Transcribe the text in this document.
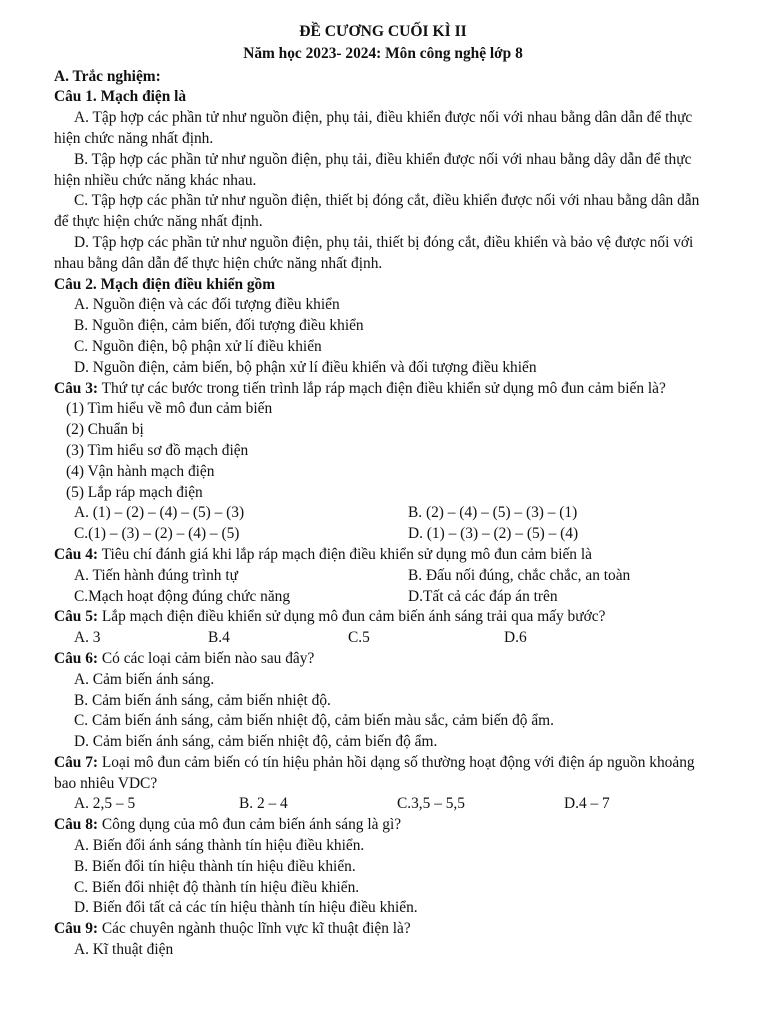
ĐỀ CƯƠNG CUỐI KÌ II
Năm học 2023- 2024: Môn công nghệ lớp 8
A. Trắc nghiệm:
Câu 1. Mạch điện là

A. Tập hợp các phần tử như nguồn điện, phụ tải, điều khiển được nối với nhau bằng dân dẫn để thực hiện chức năng nhất định.

B. Tập hợp các phần tử như nguồn điện, phụ tải, điều khiển được nối với nhau bằng dây dẫn để thực hiện nhiều chức năng khác nhau.

C. Tập hợp các phần tử như nguồn điện, thiết bị đóng cắt, điều khiển được nối với nhau bằng dân dẫn để thực hiện chức năng nhất định.

D. Tập hợp các phần tử như nguồn điện, phụ tải, thiết bị đóng cắt, điều khiển và bảo vệ được nối với nhau bằng dân dẫn để thực hiện chức năng nhất định.

Câu 2. Mạch điện điều khiển gồm
A. Nguồn điện và các đối tượng điều khiển
B. Nguồn điện, cảm biến, đối tượng điều khiển
C. Nguồn điện, bộ phận xử lí điều khiển
D. Nguồn điện, cảm biến, bộ phận xử lí điều khiển và đối tượng điều khiển
Câu 3: Thứ tự các bước trong tiến trình lắp ráp mạch điện điều khiển sử dụng mô đun cảm biến là?
(1) Tìm hiểu về mô đun cảm biến
(2) Chuẩn bị
(3) Tìm hiểu sơ đồ mạch điện
(4) Vận hành mạch điện
(5) Lắp ráp mạch điện
A. (1) – (2) – (4) – (5) – (3)	B. (2) – (4) – (5) – (3) – (1)
C.(1) – (3) – (2) – (4) – (5)	D. (1) – (3) – (2) – (5) – (4)
Câu 4: Tiêu chí đánh giá khi lắp ráp mạch điện điều khiển sử dụng mô đun cảm biến là
A. Tiến hành đúng trình tự	B. Đấu nối đúng, chắc chắc, an toàn
C.Mạch hoạt động đúng chức năng	D.Tất cả các đáp án trên
Câu 5: Lắp mạch điện điều khiển sử dụng mô đun cảm biến ánh sáng trải qua mấy bước?
A. 3	B.4	C.5	D.6
Câu 6: Có các loại cảm biến nào sau đây?
A. Cảm biến ánh sáng.
B. Cảm biến ánh sáng, cảm biến nhiệt độ.
C. Cảm biến ánh sáng, cảm biến nhiệt độ, cảm biến màu sắc, cảm biến độ ẩm.
D. Cảm biến ánh sáng, cảm biến nhiệt độ, cảm biến độ ẩm.
Câu 7: Loại mô đun cảm biến có tín hiệu phản hồi dạng số thường hoạt động với điện áp nguồn khoảng bao nhiêu VDC?
A. 2,5 – 5	B. 2 – 4	C.3,5 – 5,5	D.4 – 7
Câu 8: Công dụng của mô đun cảm biến ánh sáng là gì?
A. Biến đổi ánh sáng thành tín hiệu điều khiển.
B. Biến đổi tín hiệu thành tín hiệu điều khiển.
C. Biến đổi nhiệt độ thành tín hiệu điều khiển.
D. Biến đổi tất cả các tín hiệu thành tín hiệu điều khiển.
Câu 9: Các chuyên ngành thuộc lĩnh vực kĩ thuật điện là?
A. Kĩ thuật điện
